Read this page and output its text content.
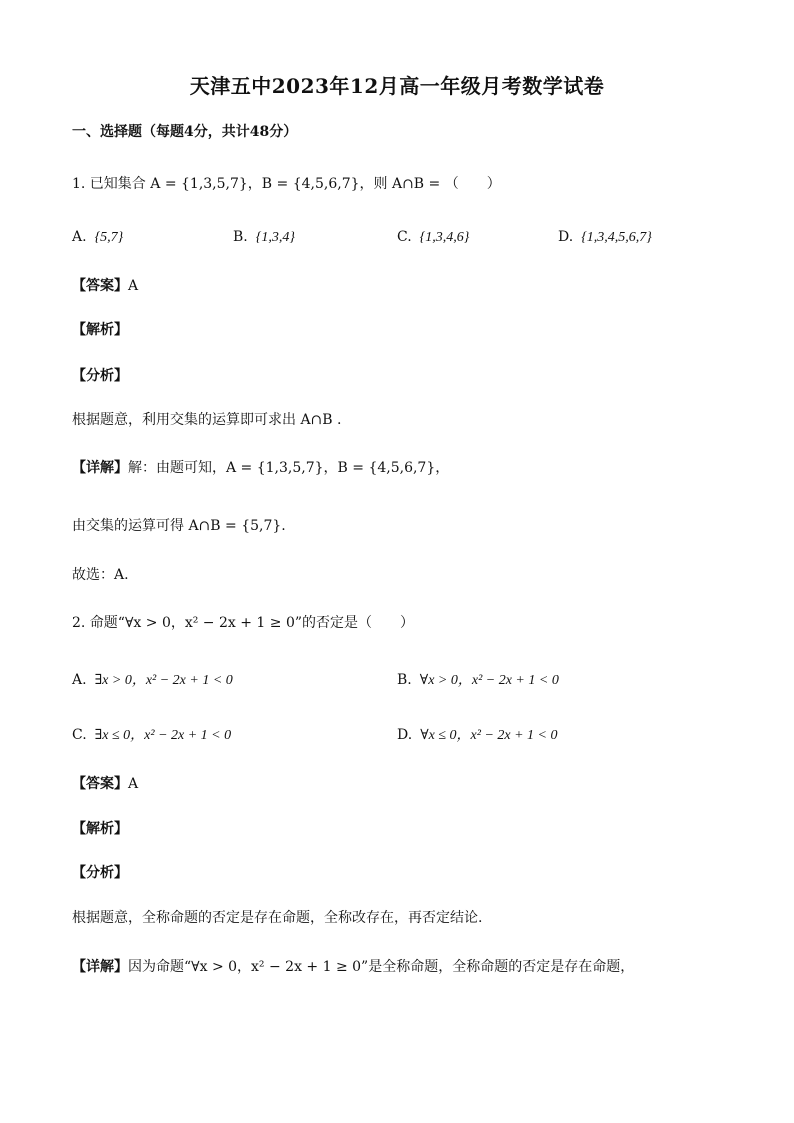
天津五中2023年12月高一年级月考数学试卷
一、选择题（每题4分，共计48分）
1. 已知集合 A = {1,3,5,7}，B = {4,5,6,7}，则 A∩B = （　　）
A. {5,7}	B. {1,3,4}	C. {1,3,4,6}	D. {1,3,4,5,6,7}
【答案】A
【解析】
【分析】
根据题意，利用交集的运算即可求出 A∩B .
【详解】解：由题可知，A = {1,3,5,7}，B = {4,5,6,7}，
由交集的运算可得 A∩B = {5,7}.
故选：A.
2. 命题“∀x > 0，x² − 2x + 1 ≥ 0”的否定是（　　）
A. ∃x > 0，x² − 2x + 1 < 0	B. ∀x > 0，x² − 2x + 1 < 0
C. ∃x ≤ 0，x² − 2x + 1 < 0	D. ∀x ≤ 0，x² − 2x + 1 < 0
【答案】A
【解析】
【分析】
根据题意，全称命题的否定是存在命题，全称改存在，再否定结论.
【详解】因为命题“∀x > 0，x² − 2x + 1 ≥ 0”是全称命题，全称命题的否定是存在命题，
